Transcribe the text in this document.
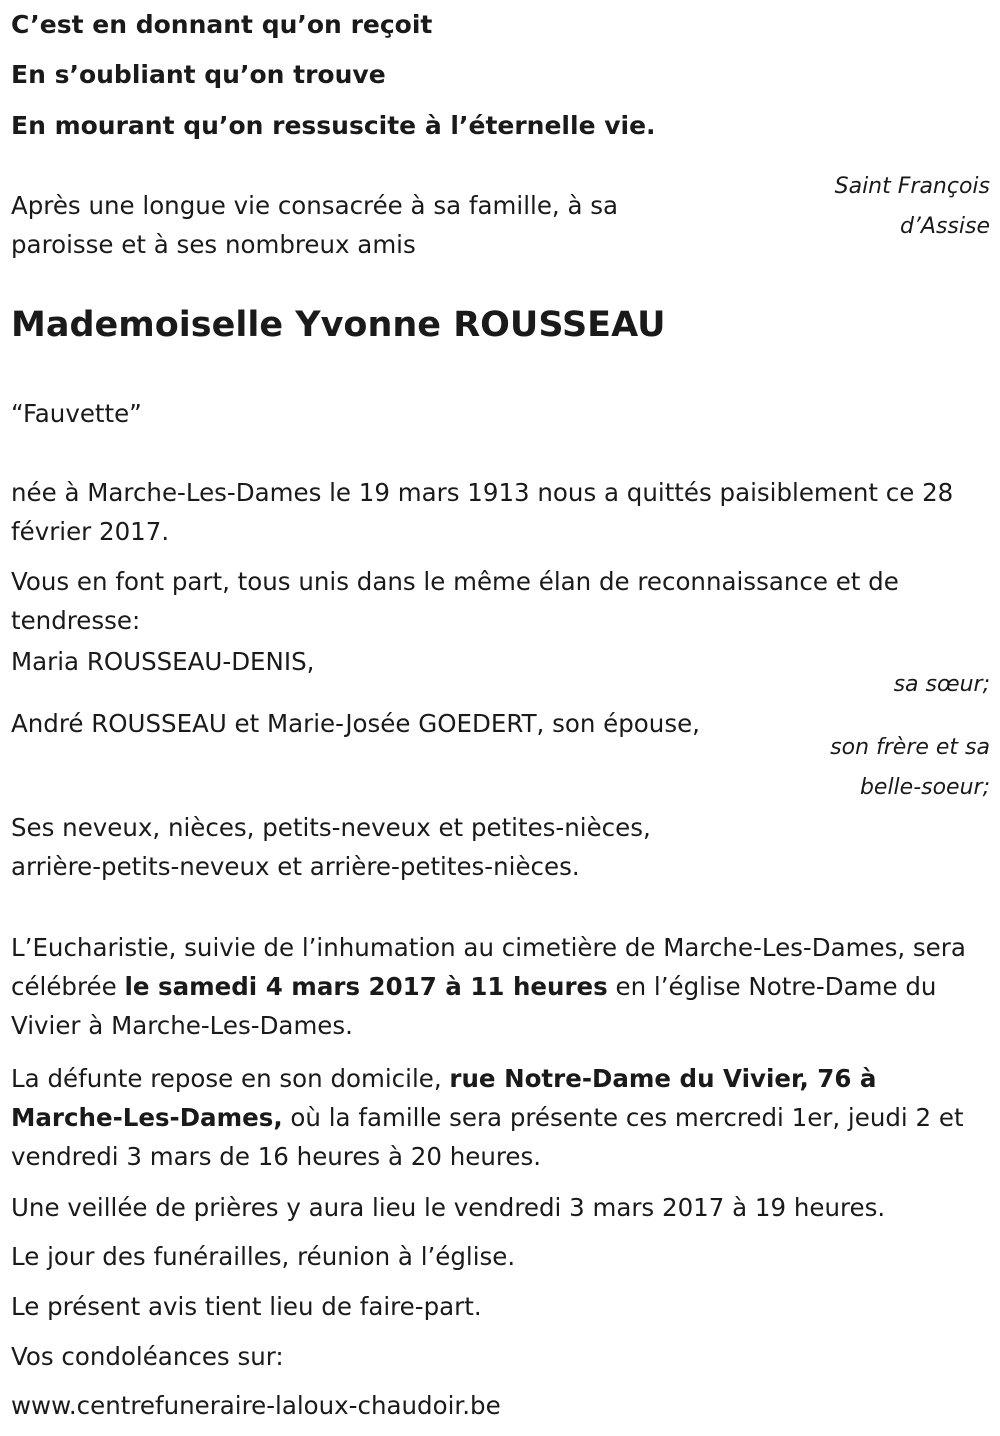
C’est en donnant qu’on reçoit

En s’oubliant qu’on trouve

En mourant qu’on ressuscite à l’éternelle vie.

Saint François
d’Assise

Après une longue vie consacrée à sa famille, à sa paroisse et à ses nombreux amis

Mademoiselle Yvonne ROUSSEAU

“Fauvette”

née à Marche-Les-Dames le 19 mars 1913 nous a quittés paisiblement ce 28 février 2017.

Vous en font part, tous unis dans le même élan de reconnaissance et de tendresse:

Maria ROUSSEAU-DENIS,

sa sœur;

André ROUSSEAU et Marie-Josée GOEDERT, son épouse,

son frère et sa
belle-soeur;

Ses neveux, nièces, petits-neveux et petites-nièces, arrière-petits-neveux et arrière-petites-nièces.

L’Eucharistie, suivie de l’inhumation au cimetière de Marche-Les-Dames, sera célébrée le samedi 4 mars 2017 à 11 heures en l’église Notre-Dame du Vivier à Marche-Les-Dames.

La défunte repose en son domicile, rue Notre-Dame du Vivier, 76 à Marche-Les-Dames, où la famille sera présente ces mercredi 1er, jeudi 2 et vendredi 3 mars de 16 heures à 20 heures.

Une veillée de prières y aura lieu le vendredi 3 mars 2017 à 19 heures.

Le jour des funérailles, réunion à l’église.

Le présent avis tient lieu de faire-part.

Vos condoléances sur:

www.centrefuneraire-laloux-chaudoir.be
